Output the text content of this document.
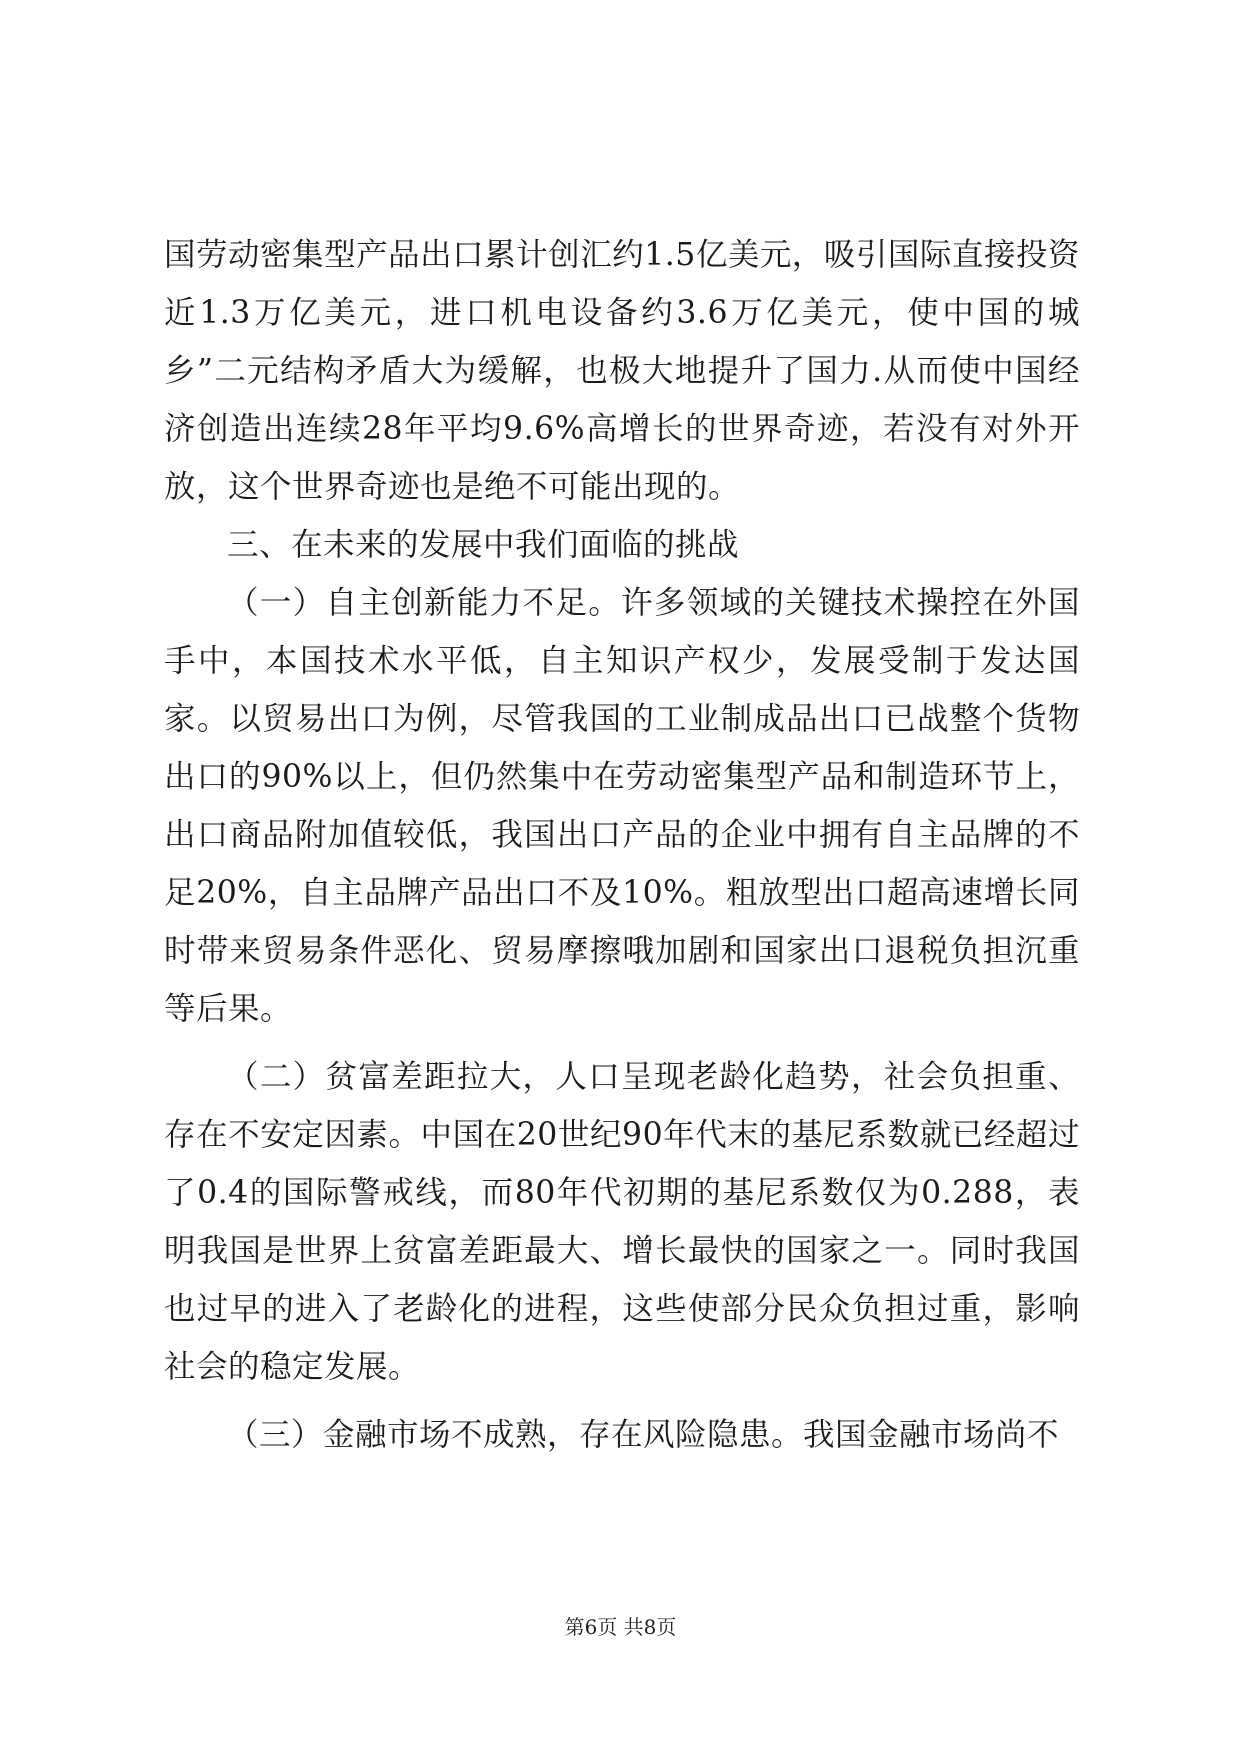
国劳动密集型产品出口累计创汇约1.5亿美元，吸引国际直接投资近1.3万亿美元，进口机电设备约3.6万亿美元，使中国的城乡”二元结构矛盾大为缓解，也极大地提升了国力.从而使中国经济创造出连续28年平均9.6%高增长的世界奇迹，若没有对外开放，这个世界奇迹也是绝不可能出现的。

三、在未来的发展中我们面临的挑战

（一）自主创新能力不足。许多领域的关键技术操控在外国手中，本国技术水平低，自主知识产权少，发展受制于发达国家。以贸易出口为例，尽管我国的工业制成品出口已战整个货物出口的90%以上，但仍然集中在劳动密集型产品和制造环节上，出口商品附加值较低，我国出口产品的企业中拥有自主品牌的不足20%，自主品牌产品出口不及10%。粗放型出口超高速增长同时带来贸易条件恶化、贸易摩擦哦加剧和国家出口退税负担沉重等后果。

（二）贫富差距拉大，人口呈现老龄化趋势，社会负担重、存在不安定因素。中国在20世纪90年代末的基尼系数就已经超过了0.4的国际警戒线，而80年代初期的基尼系数仅为0.288，表明我国是世界上贫富差距最大、增长最快的国家之一。同时我国也过早的进入了老龄化的进程，这些使部分民众负担过重，影响社会的稳定发展。

（三）金融市场不成熟，存在风险隐患。我国金融市场尚不

第6页 共8页
